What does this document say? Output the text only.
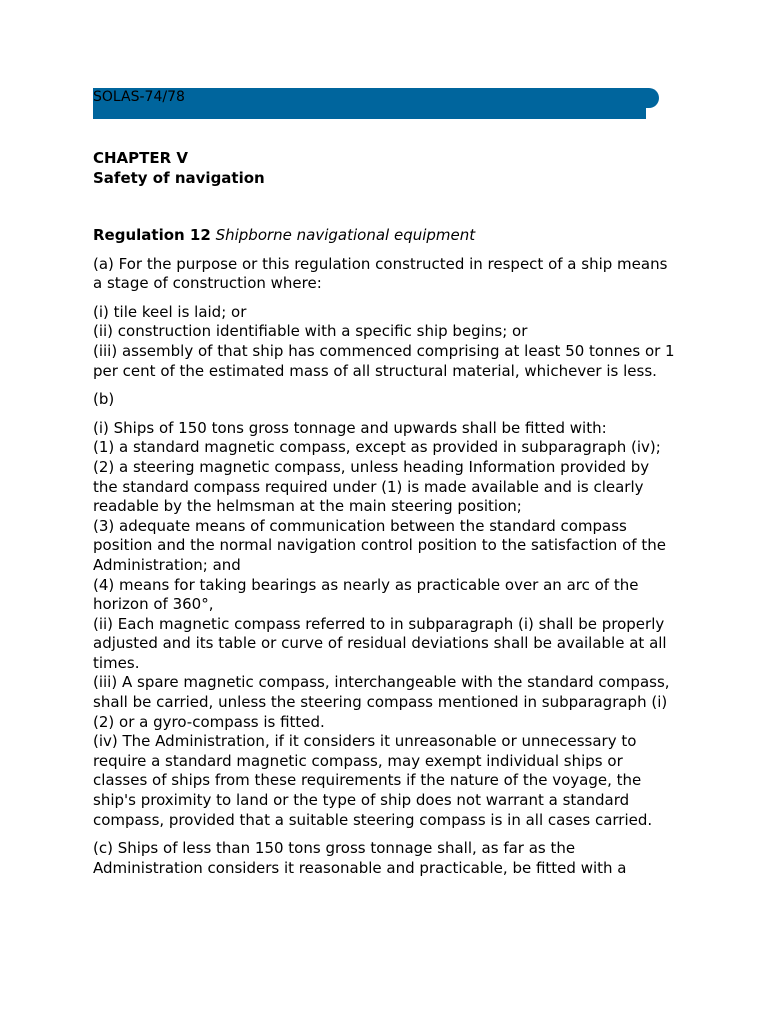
SOLAS-74/78
CHAPTER V
Safety of navigation

Regulation 12 Shipborne navigational equipment

(a) For the purpose or this regulation constructed in respect of a ship means a stage of construction where:

(i) tile keel is laid; or
(ii) construction identifiable with a specific ship begins; or
(iii) assembly of that ship has commenced comprising at least 50 tonnes or 1 per cent of the estimated mass of all structural material, whichever is less.

(b)

(i) Ships of 150 tons gross tonnage and upwards shall be fitted with:
(1) a standard magnetic compass, except as provided in subparagraph (iv);
(2) a steering magnetic compass, unless heading Information provided by the standard compass required under (1) is made available and is clearly readable by the helmsman at the main steering position;
(3) adequate means of communication between the standard compass position and the normal navigation control position to the satisfaction of the Administration; and
(4) means for taking bearings as nearly as practicable over an arc of the horizon of 360°,
(ii) Each magnetic compass referred to in subparagraph (i) shall be properly adjusted and its table or curve of residual deviations shall be available at all times.
(iii) A spare magnetic compass, interchangeable with the standard compass, shall be carried, unless the steering compass mentioned in subparagraph (i)(2) or a gyro-compass is fitted.
(iv) The Administration, if it considers it unreasonable or unnecessary to require a standard magnetic compass, may exempt individual ships or classes of ships from these requirements if the nature of the voyage, the ship's proximity to land or the type of ship does not warrant a standard compass, provided that a suitable steering compass is in all cases carried.

(c) Ships of less than 150 tons gross tonnage shall, as far as the Administration considers it reasonable and practicable, be fitted with a
